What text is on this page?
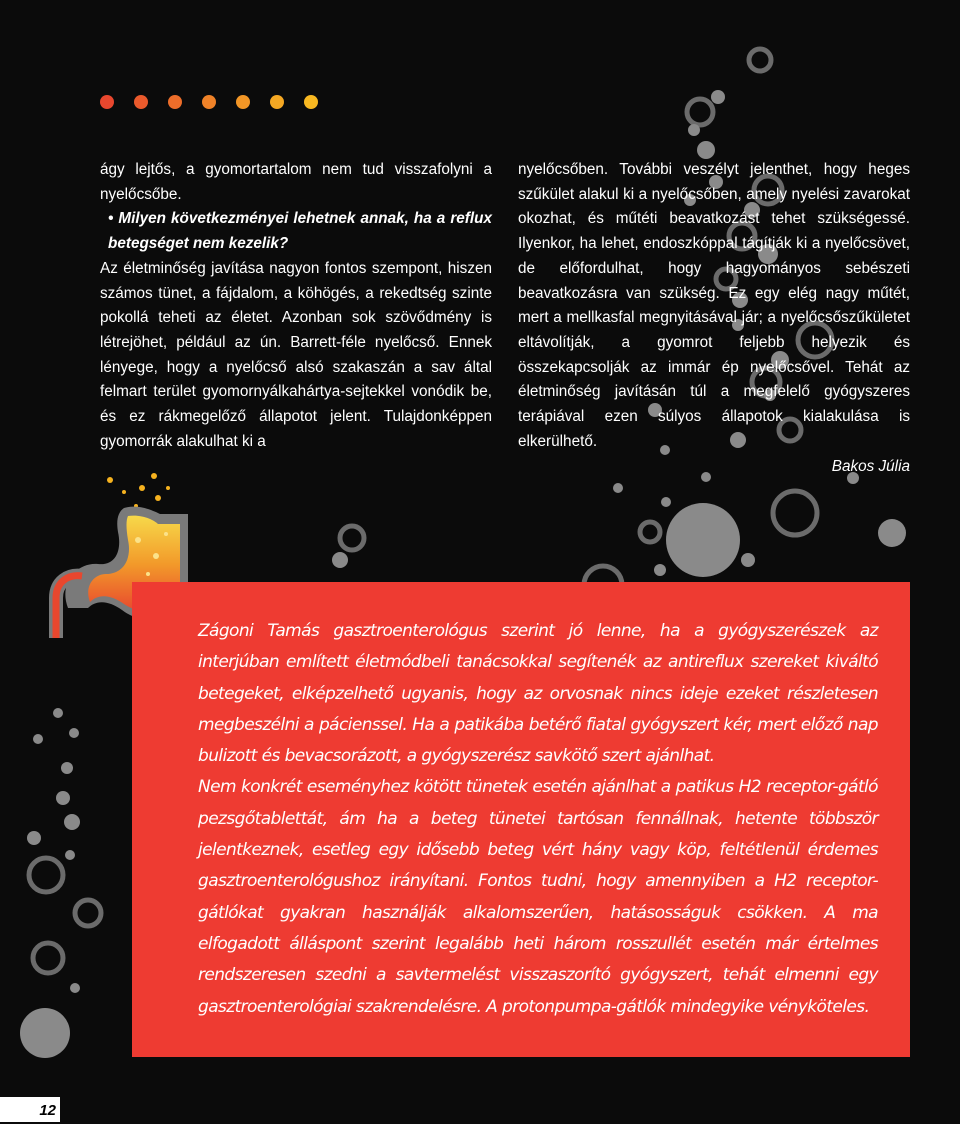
ágy lejtős, a gyomortartalom nem tud visszafolyni a nyelőcsőbe.

• Milyen következményei lehetnek annak, ha a reflux betegséget nem kezelik?

Az életminőség javítása nagyon fontos szempont, hiszen számos tünet, a fájdalom, a köhögés, a rekedtség szinte pokollá teheti az életet. Azonban sok szövődmény is létrejöhet, például az ún. Barrett-féle nyelőcső. Ennek lényege, hogy a nyelőcső alsó szakaszán a sav által felmart terület gyomornyálkahártya-sejtekkel vonódik be, és ez rákmegelőző állapotot jelent. Tulajdonképpen gyomorrák alakulhat ki a

nyelőcsőben. További veszélyt jelenthet, hogy heges szűkület alakul ki a nyelőcsőben, amely nyelési zavarokat okozhat, és műtéti beavatkozást tehet szükségessé. Ilyenkor, ha lehet, endoszkóppal tágítják ki a nyelőcsövet, de előfordulhat, hogy hagyományos sebészeti beavatkozásra van szükség. Ez egy elég nagy műtét, mert a mellkasfal megnyitásával jár; a nyelőcsőszűkületet eltávolítják, a gyomrot feljebb helyezik és összekapcsolják az immár ép nyelőcsővel. Tehát az életminőség javításán túl a megfelelő gyógyszeres terápiával ezen súlyos állapotok kialakulása is elkerülhető.

Bakos Júlia

Zágoni Tamás gasztroenterológus szerint jó lenne, ha a gyógyszerészek az interjúban említett életmódbeli tanácsokkal segítenék az antireflux szereket kiváltó betegeket, elképzelhető ugyanis, hogy az orvosnak nincs ideje ezeket részletesen megbeszélni a pácienssel. Ha a patikába betérő fiatal gyógyszert kér, mert előző nap bulizott és bevacsorázott, a gyógyszerész savkötő szert ajánlhat.

Nem konkrét eseményhez kötött tünetek esetén ajánlhat a patikus H2 receptor-gátló pezsgőtablettát, ám ha a beteg tünetei tartósan fennállnak, hetente többször jelentkeznek, esetleg egy idősebb beteg vért hány vagy köp, feltétlenül érdemes gasztroenterológushoz irányítani. Fontos tudni, hogy amennyiben a H2 receptor-gátlókat gyakran használják alkalomszerűen, hatásosságuk csökken. A ma elfogadott álláspont szerint legalább heti három rosszullét esetén már értelmes rendszeresen szedni a savtermelést visszaszorító gyógyszert, tehát elmenni egy gasztroenterológiai szakrendelésre. A protonpumpa-gátlók mindegyike vényköteles.

12
